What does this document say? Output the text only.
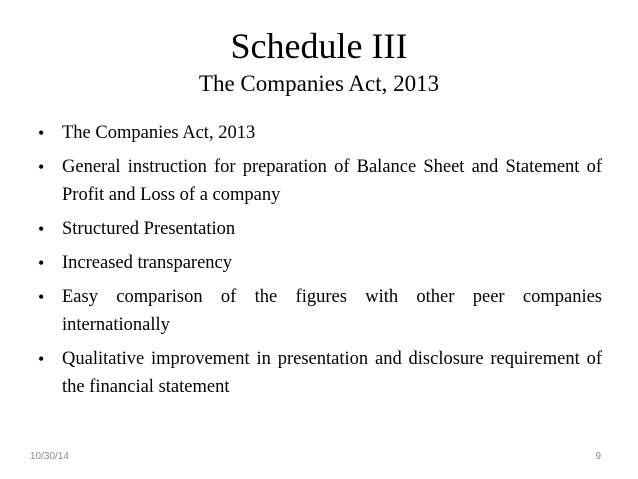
Schedule III
The Companies Act, 2013
• The Companies Act, 2013
• General instruction for preparation of Balance Sheet and Statement of Profit and Loss of a company
• Structured Presentation
• Increased transparency
• Easy comparison of the figures with other peer companies internationally
• Qualitative improvement in presentation and disclosure requirement of the financial statement
10/30/14	9
